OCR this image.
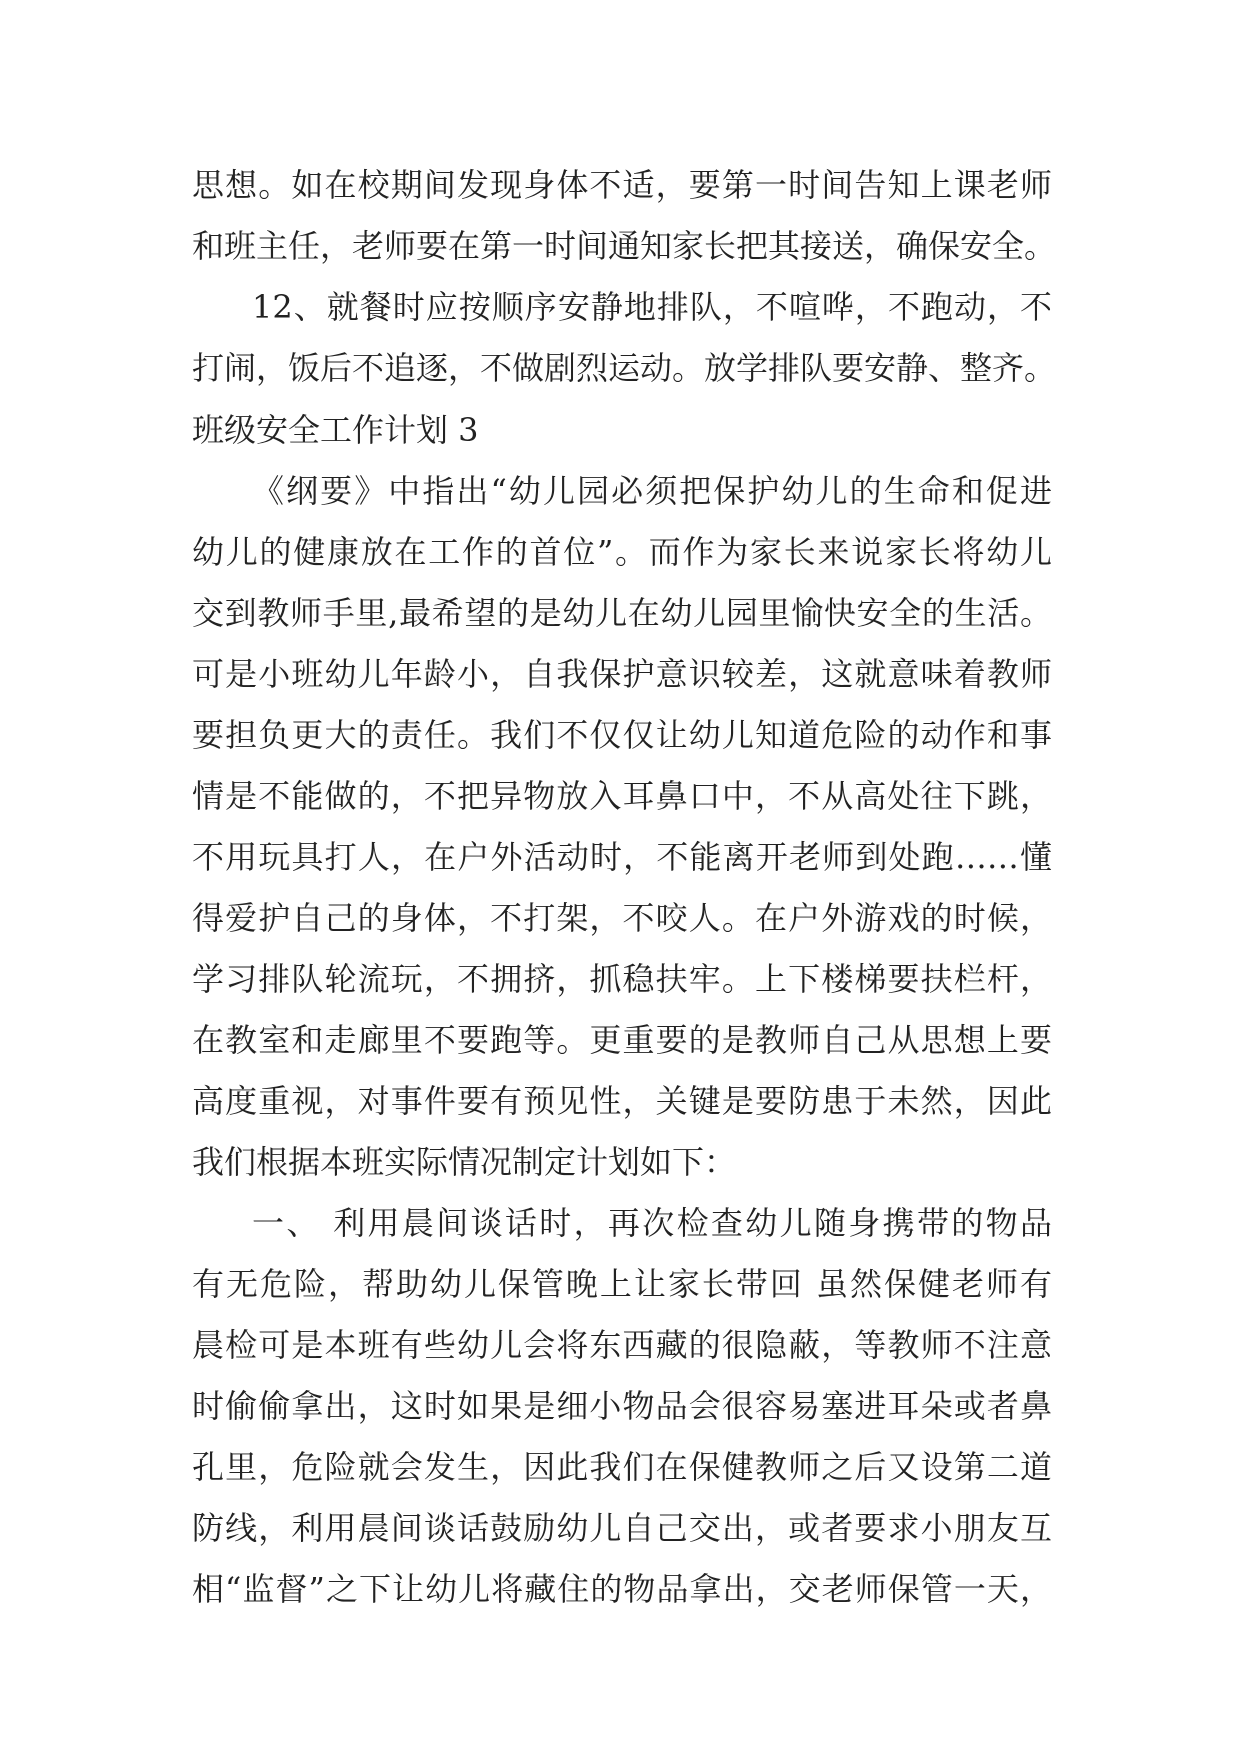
思想。如在校期间发现身体不适，要第一时间告知上课老师
和班主任，老师要在第一时间通知家长把其接送，确保安全。
12、就餐时应按顺序安静地排队，不喧哗，不跑动，不
打闹，饭后不追逐，不做剧烈运动。放学排队要安静、整齐。
班级安全工作计划 3
《纲要》中指出“幼儿园必须把保护幼儿的生命和促进
幼儿的健康放在工作的首位”。而作为家长来说家长将幼儿
交到教师手里,最希望的是幼儿在幼儿园里愉快安全的生活。
可是小班幼儿年龄小，自我保护意识较差，这就意味着教师
要担负更大的责任。我们不仅仅让幼儿知道危险的动作和事
情是不能做的，不把异物放入耳鼻口中，不从高处往下跳，
不用玩具打人，在户外活动时，不能离开老师到处跑……懂
得爱护自己的身体，不打架，不咬人。在户外游戏的时候，
学习排队轮流玩，不拥挤，抓稳扶牢。上下楼梯要扶栏杆，
在教室和走廊里不要跑等。更重要的是教师自己从思想上要
高度重视，对事件要有预见性，关键是要防患于未然，因此
我们根据本班实际情况制定计划如下：
一、 利用晨间谈话时，再次检查幼儿随身携带的物品
有无危险，帮助幼儿保管晚上让家长带回 虽然保健老师有
晨检可是本班有些幼儿会将东西藏的很隐蔽，等教师不注意
时偷偷拿出，这时如果是细小物品会很容易塞进耳朵或者鼻
孔里，危险就会发生，因此我们在保健教师之后又设第二道
防线，利用晨间谈话鼓励幼儿自己交出，或者要求小朋友互
相“监督”之下让幼儿将藏住的物品拿出，交老师保管一天，
